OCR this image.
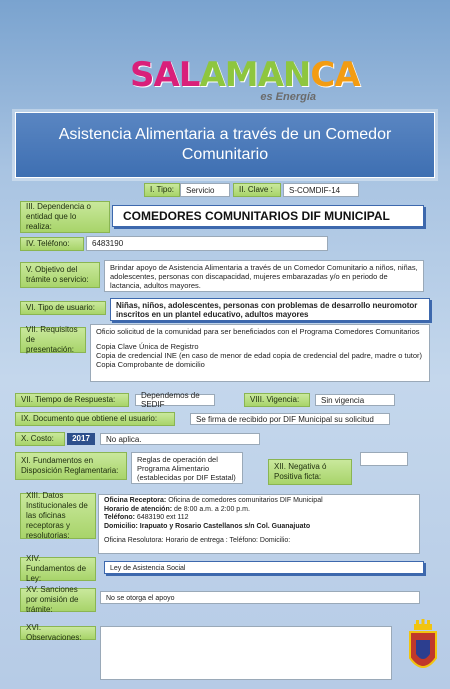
SALAMANCA
es Energía
Asistencia Alimentaria a través de un Comedor Comunitario
I. Tipo:	Servicio	II. Clave :	S-COMDIF-14
III. Dependencia o entidad que lo realiza:
COMEDORES COMUNITARIOS DIF MUNICIPAL
IV. Teléfono:	6483190
V. Objetivo del trámite o servicio:
Brindar apoyo de Asistencia Alimentaria a través de un Comedor Comunitario a niños, niñas, adolescentes, personas con discapacidad, mujeres embarazadas y/o en periodo de lactancia, adultos mayores.
VI. Tipo de usuario:	Niñas, niños, adolescentes, personas con problemas de desarrollo neuromotor inscritos en un plantel educativo, adultos mayores
VII. Requisitos de presentación:
Oficio solicitud de la comunidad para ser beneficiados con el Programa Comedores Comunitarios
Copia Clave Única de Registro
Copia de credencial INE (en caso de menor de edad copia de credencial del padre, madre o tutor)
Copia Comprobante de domicilio
VII. Tiempo de Respuesta:	Dependemos de SEDIF
VIII. Vigencia:	Sin vigencia
IX. Documento que obtiene el usuario:	Se firma de recibido por DIF Municipal su solicitud
X. Costo:	2017	No aplica.
XI. Fundamentos en Disposición Reglamentaria:
Reglas de operación del Programa Alimentario (establecidas por DIF Estatal)
XII. Negativa ó Positiva ficta:
XIII. Datos Institucionales de las oficinas receptoras y resolutorias:
Oficina Receptora: Oficina de comedores comunitarios DIF Municipal
Horario de atención: de 8:00 a.m. a 2:00 p.m.
Teléfono: 6483190 ext 112
Domicilio: Irapuato y Rosario Castellanos s/n Col. Guanajuato
Oficina Resolutora: Horario de entrega : Teléfono: Domicilio:
XIV. Fundamentos de Ley:
Ley de Asistencia Social
XV. Sanciones por omisión de trámite:
No se otorga el apoyo
XVI. Observaciones:
